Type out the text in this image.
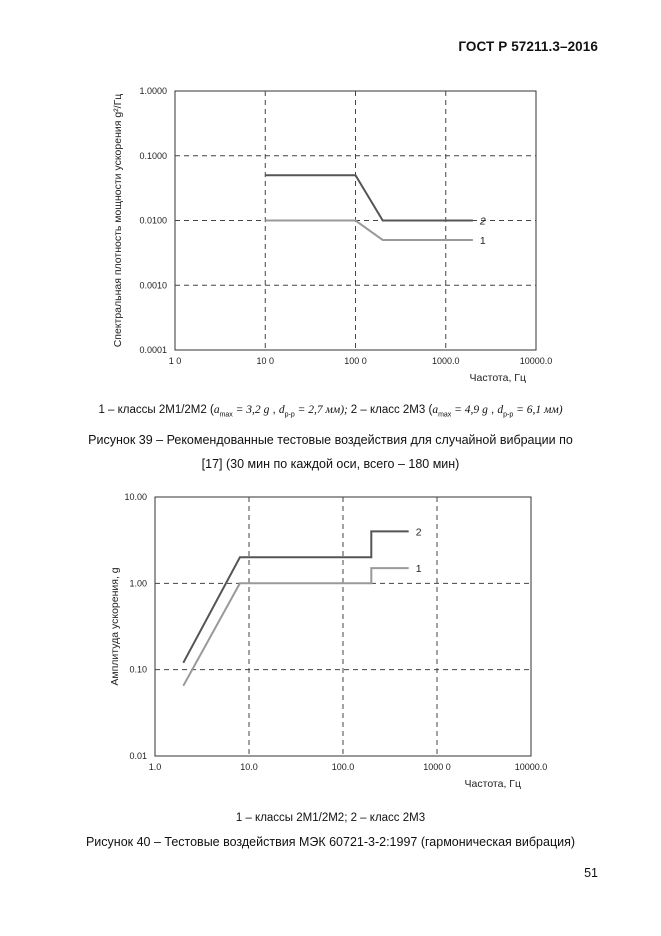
ГОСТ Р 57211.3–2016
1 0	10 0	100 0	1000.0	10000.0
0.0001
0.0010
0.0100
0.1000
1.0000
2
1
Частота, Гц
Спектральная плотность мощности ускорения g²/Гц
1 – классы 2М1/2М2 ($a_{max} = 3,2$ g , $d_{p-p} = 2,7$ мм); 2 – класс 2М3 ($a_{max} = 4,9$ g , $d_{p-p} = 6,1$ мм)
Рисунок 39 – Рекомендованные тестовые воздействия для случайной вибрации по
[17] (30 мин по каждой оси, всего – 180 мин)
1.0	10.0	100.0	1000 0	10000.0
0.01
0.10
1.00
10.00
2
1
Частота, Гц
Амплитуда ускорения, g
1 – классы 2М1/2М2; 2 – класс 2М3
Рисунок 40 – Тестовые воздействия МЭК 60721-3-2:1997 (гармоническая вибрация)
51
